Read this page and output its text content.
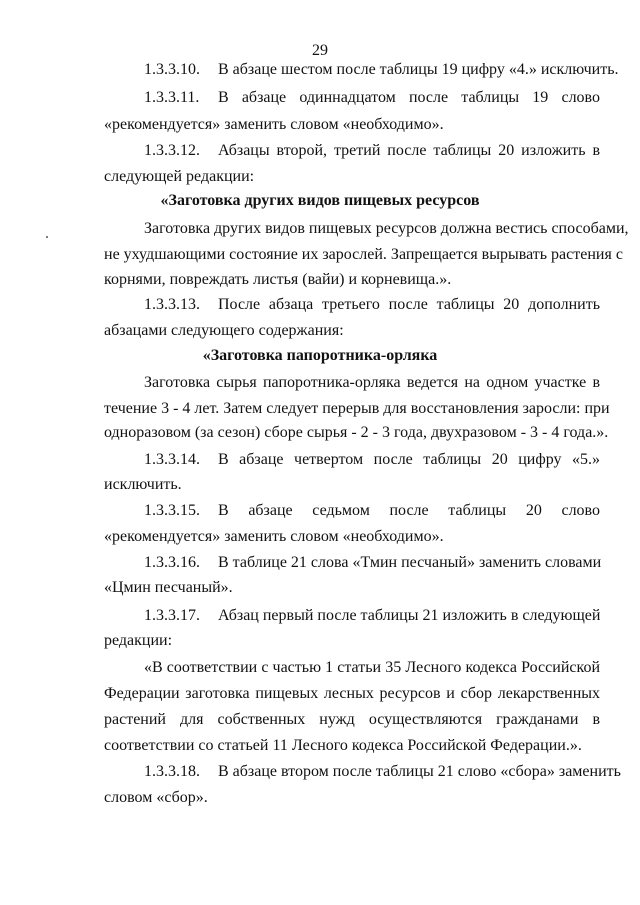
29
1.3.3.10. В абзаце шестом после таблицы 19 цифру «4.» исключить.
1.3.3.11. В абзаце одиннадцатом после таблицы 19 слово
«рекомендуется» заменить словом «необходимо».
1.3.3.12. Абзацы второй, третий после таблицы 20 изложить в
следующей редакции:
«Заготовка других видов пищевых ресурсов
Заготовка других видов пищевых ресурсов должна вестись способами,
не ухудшающими состояние их зарослей. Запрещается вырывать растения с
корнями, повреждать листья (вайи) и корневища.».
1.3.3.13. После абзаца третьего после таблицы 20 дополнить
абзацами следующего содержания:
«Заготовка папоротника-орляка
Заготовка сырья папоротника-орляка ведется на одном участке в
течение 3 - 4 лет. Затем следует перерыв для восстановления заросли: при
одноразовом (за сезон) сборе сырья - 2 - 3 года, двухразовом - 3 - 4 года.».
1.3.3.14. В абзаце четвертом после таблицы 20 цифру «5.»
исключить.
1.3.3.15. В абзаце седьмом после таблицы 20 слово
«рекомендуется» заменить словом «необходимо».
1.3.3.16. В таблице 21 слова «Тмин песчаный» заменить словами
«Цмин песчаный».
1.3.3.17. Абзац первый после таблицы 21 изложить в следующей
редакции:
«В соответствии с частью 1 статьи 35 Лесного кодекса Российской
Федерации заготовка пищевых лесных ресурсов и сбор лекарственных
растений для собственных нужд осуществляются гражданами в
соответствии со статьей 11 Лесного кодекса Российской Федерации.».
1.3.3.18. В абзаце втором после таблицы 21 слово «сбора» заменить
словом «сбор».
